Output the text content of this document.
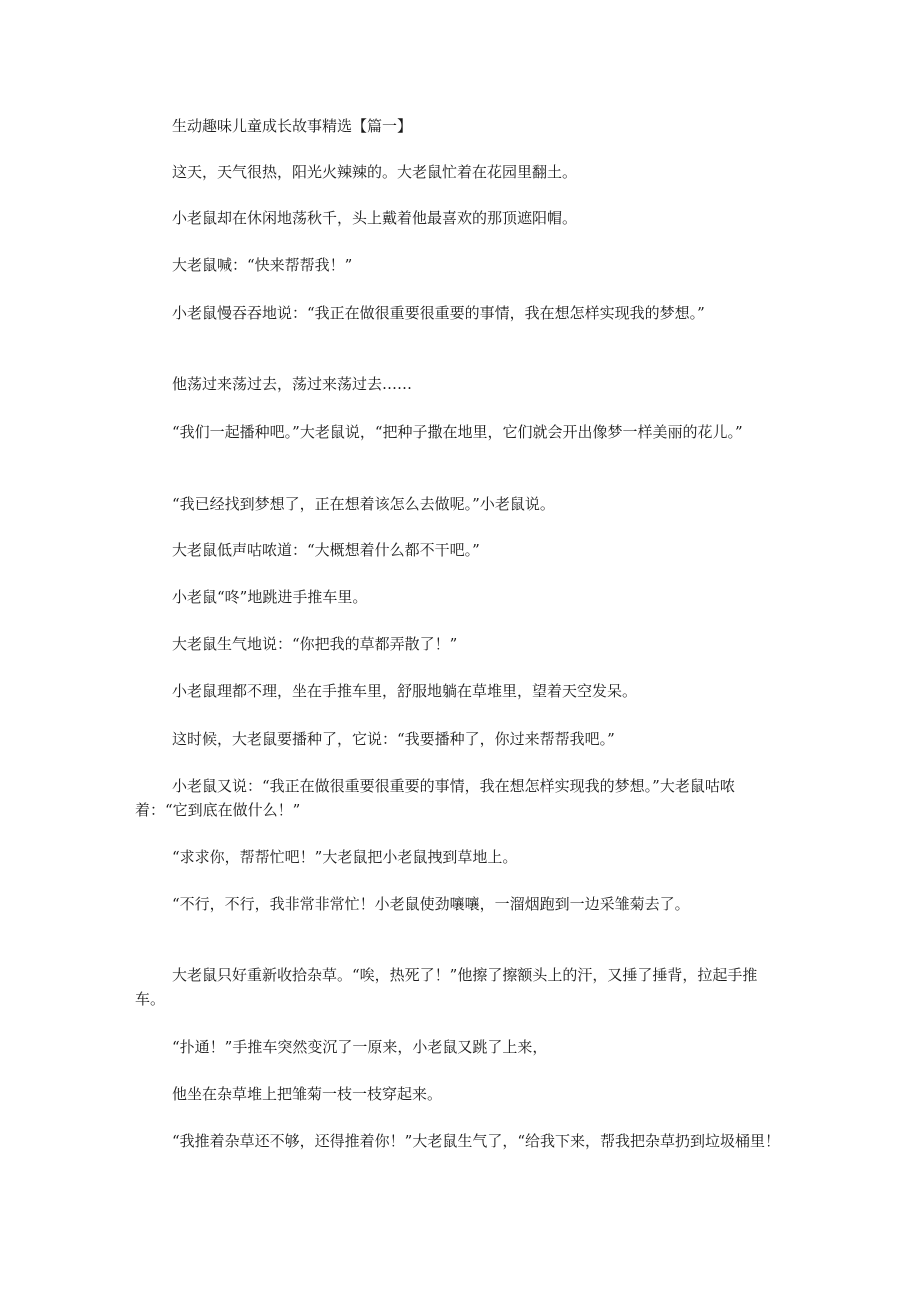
生动趣味儿童成长故事精选【篇一】

这天，天气很热，阳光火辣辣的。大老鼠忙着在花园里翻土。

小老鼠却在休闲地荡秋千，头上戴着他最喜欢的那顶遮阳帽。

大老鼠喊：“快来帮帮我！”

小老鼠慢吞吞地说：“我正在做很重要很重要的事情，我在想怎样实现我的梦想。”

他荡过来荡过去，荡过来荡过去……

“我们一起播种吧。”大老鼠说，“把种子撒在地里，它们就会开出像梦一样美丽的花儿。”

“我已经找到梦想了，正在想着该怎么去做呢。”小老鼠说。

大老鼠低声咕哝道：“大概想着什么都不干吧。”

小老鼠“咚”地跳进手推车里。

大老鼠生气地说：“你把我的草都弄散了！”

小老鼠理都不理，坐在手推车里，舒服地躺在草堆里，望着天空发呆。

这时候，大老鼠要播种了，它说：“我要播种了，你过来帮帮我吧。”

小老鼠又说：“我正在做很重要很重要的事情，我在想怎样实现我的梦想。”大老鼠咕哝着：“它到底在做什么！”

“求求你，帮帮忙吧！”大老鼠把小老鼠拽到草地上。

“不行，不行，我非常非常忙！小老鼠使劲嚷嚷，一溜烟跑到一边采雏菊去了。

大老鼠只好重新收拾杂草。“唉，热死了！”他擦了擦额头上的汗，又捶了捶背，拉起手推车。

“扑通！”手推车突然变沉了一原来，小老鼠又跳了上来，

他坐在杂草堆上把雏菊一枝一枝穿起来。

“我推着杂草还不够，还得推着你！”大老鼠生气了，“给我下来，帮我把杂草扔到垃圾桶里！
